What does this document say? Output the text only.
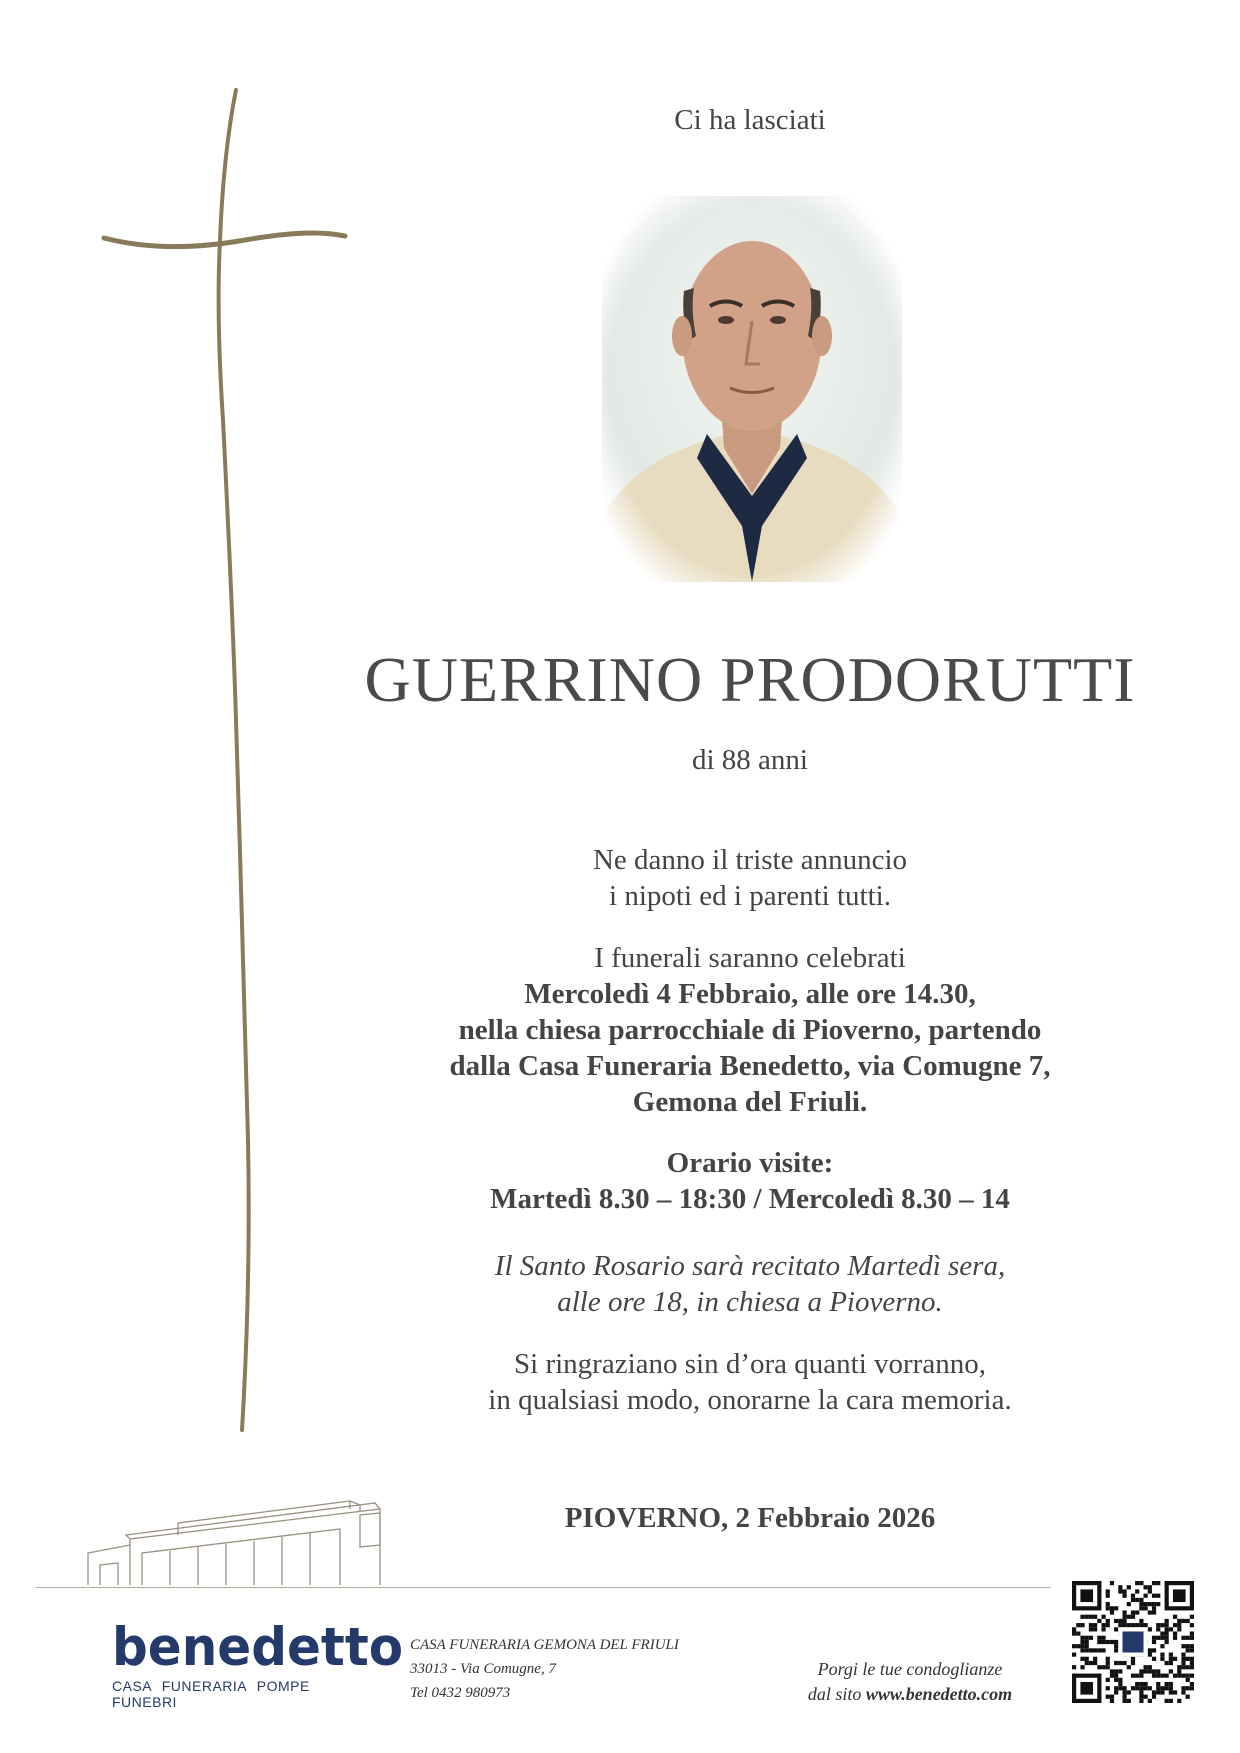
Ci ha lasciati
GUERRINO PRODORUTTI
di 88 anni
Ne danno il triste annuncio
i nipoti ed i parenti tutti.
I funerali saranno celebrati
Mercoledì 4 Febbraio, alle ore 14.30,
nella chiesa parrocchiale di Pioverno, partendo
dalla Casa Funeraria Benedetto, via Comugne 7,
Gemona del Friuli.
Orario visite:
Martedì 8.30 – 18:30 / Mercoledì 8.30 – 14
Il Santo Rosario sarà recitato Martedì sera,
alle ore 18, in chiesa a Pioverno.
Si ringraziano sin d’ora quanti vorranno,
in qualsiasi modo, onorarne la cara memoria.
PIOVERNO, 2 Febbraio 2026
benedetto
CASA FUNERARIA POMPE FUNEBRI
CASA FUNERARIA GEMONA DEL FRIULI
33013 - Via Comugne, 7
Tel 0432 980973
Porgi le tue condoglianze
dal sito www.benedetto.com
